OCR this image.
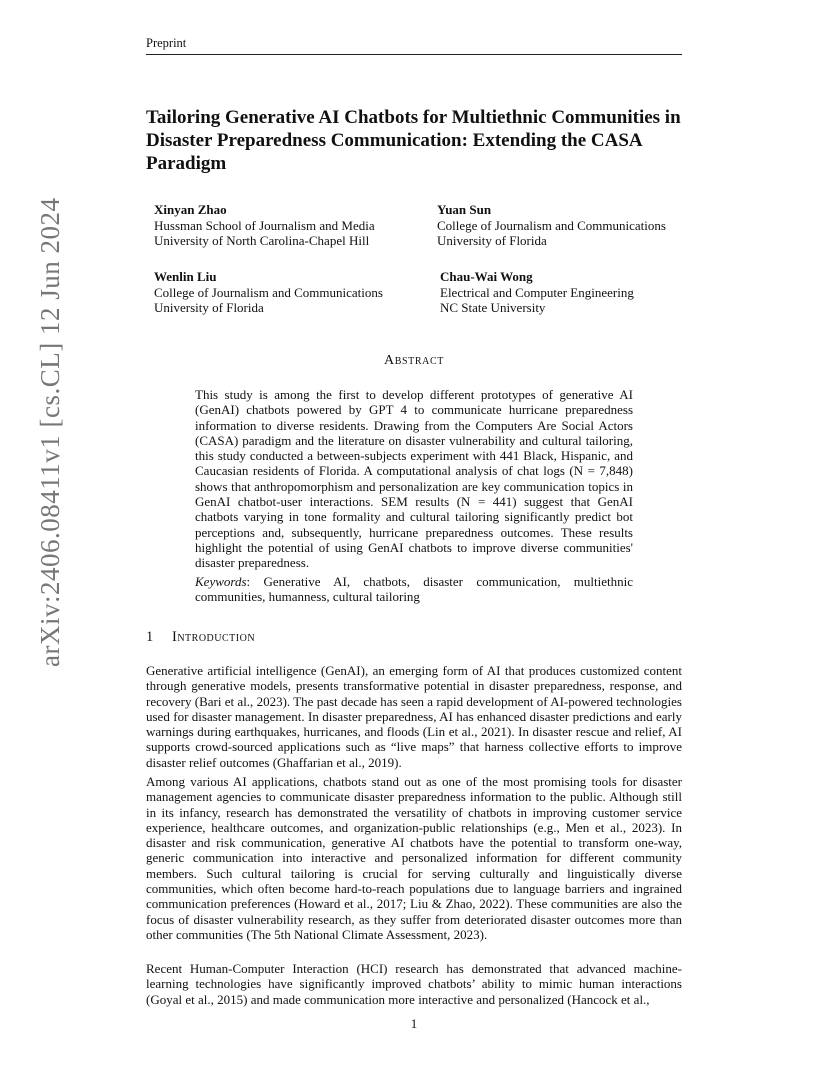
Preprint
arXiv:2406.08411v1 [cs.CL] 12 Jun 2024
Tailoring Generative AI Chatbots for Multiethnic Communities in Disaster Preparedness Communication: Extending the CASA Paradigm
Xinyan Zhao
Hussman School of Journalism and Media
University of North Carolina-Chapel Hill
Yuan Sun
College of Journalism and Communications
University of Florida
Wenlin Liu
College of Journalism and Communications
University of Florida
Chau-Wai Wong
Electrical and Computer Engineering
NC State University
Abstract

This study is among the first to develop different prototypes of generative AI (GenAI) chatbots powered by GPT 4 to communicate hurricane preparedness information to diverse residents. Drawing from the Computers Are Social Actors (CASA) paradigm and the literature on disaster vulnerability and cultural tailoring, this study conducted a between-subjects experiment with 441 Black, Hispanic, and Caucasian residents of Florida. A computational analysis of chat logs (N = 7,848) shows that anthropomorphism and personalization are key communication topics in GenAI chatbot-user interactions. SEM results (N = 441) suggest that GenAI chatbots varying in tone formality and cultural tailoring significantly predict bot perceptions and, subsequently, hurricane preparedness outcomes. These results highlight the potential of using GenAI chatbots to improve diverse communities' disaster preparedness.

Keywords: Generative AI, chatbots, disaster communication, multiethnic communities, humanness, cultural tailoring
1 Introduction

Generative artificial intelligence (GenAI), an emerging form of AI that produces customized content through generative models, presents transformative potential in disaster preparedness, response, and recovery (Bari et al., 2023). The past decade has seen a rapid development of AI-powered technologies used for disaster management. In disaster preparedness, AI has enhanced disaster predictions and early warnings during earthquakes, hurricanes, and floods (Lin et al., 2021). In disaster rescue and relief, AI supports crowd-sourced applications such as “live maps” that harness collective efforts to improve disaster relief outcomes (Ghaffarian et al., 2019).

Among various AI applications, chatbots stand out as one of the most promising tools for disaster management agencies to communicate disaster preparedness information to the public. Although still in its infancy, research has demonstrated the versatility of chatbots in improving customer service experience, healthcare outcomes, and organization-public relationships (e.g., Men et al., 2023). In disaster and risk communication, generative AI chatbots have the potential to transform one-way, generic communication into interactive and personalized information for different community members. Such cultural tailoring is crucial for serving culturally and linguistically diverse communities, which often become hard-to-reach populations due to language barriers and ingrained communication preferences (Howard et al., 2017; Liu & Zhao, 2022). These communities are also the focus of disaster vulnerability research, as they suffer from deteriorated disaster outcomes more than other communities (The 5th National Climate Assessment, 2023).

Recent Human-Computer Interaction (HCI) research has demonstrated that advanced machine-learning technologies have significantly improved chatbots’ ability to mimic human interactions (Goyal et al., 2015) and made communication more interactive and personalized (Hancock et al.,

1
